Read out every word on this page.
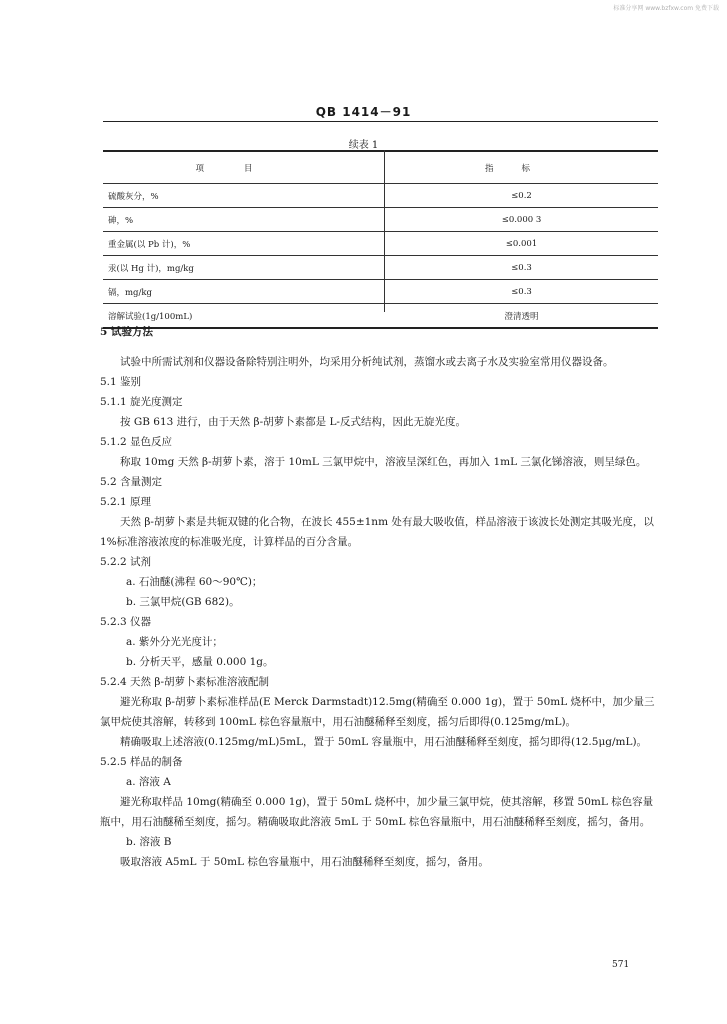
标准分享网 www.bzfxw.com 免费下载
QB 1414－91
续表 1
项目	指标
硫酸灰分，%	≤0.2
砷，%	≤0.000 3
重金属(以 Pb 计)，%	≤0.001
汞(以 Hg 计)，mg/kg	≤0.3
镉，mg/kg	≤0.3
溶解试验(1g/100mL)	澄清透明

5 试验方法

试验中所需试剂和仪器设备除特别注明外，均采用分析纯试剂，蒸馏水或去离子水及实验室常用仪器设备。

5.1 鉴别

5.1.1 旋光度测定

按 GB 613 进行，由于天然 β-胡萝卜素都是 L-反式结构，因此无旋光度。

5.1.2 显色反应

称取 10mg 天然 β-胡萝卜素，溶于 10mL 三氯甲烷中，溶液呈深红色，再加入 1mL 三氯化锑溶液，则呈绿色。

5.2 含量测定

5.2.1 原理

天然 β-胡萝卜素是共轭双键的化合物，在波长 455±1nm 处有最大吸收值，样品溶液于该波长处测定其吸光度，以 1%标准溶液浓度的标准吸光度，计算样品的百分含量。

5.2.2 试剂

a. 石油醚(沸程 60～90℃)；

b. 三氯甲烷(GB 682)。

5.2.3 仪器

a. 紫外分光光度计；

b. 分析天平，感量 0.000 1g。

5.2.4 天然 β-胡萝卜素标准溶液配制

避光称取 β-胡萝卜素标准样品(E Merck Darmstadt)12.5mg(精确至 0.000 1g)，置于 50mL 烧杯中，加少量三氯甲烷使其溶解，转移到 100mL 棕色容量瓶中，用石油醚稀释至刻度，摇匀后即得(0.125mg/mL)。

精确吸取上述溶液(0.125mg/mL)5mL，置于 50mL 容量瓶中，用石油醚稀释至刻度，摇匀即得(12.5μg/mL)。

5.2.5 样品的制备

a. 溶液 A

避光称取样品 10mg(精确至 0.000 1g)，置于 50mL 烧杯中，加少量三氯甲烷，使其溶解，移置 50mL 棕色容量瓶中，用石油醚稀至刻度，摇匀。精确吸取此溶液 5mL 于 50mL 棕色容量瓶中，用石油醚稀释至刻度，摇匀，备用。

b. 溶液 B

吸取溶液 A5mL 于 50mL 棕色容量瓶中，用石油醚稀释至刻度，摇匀，备用。

571
